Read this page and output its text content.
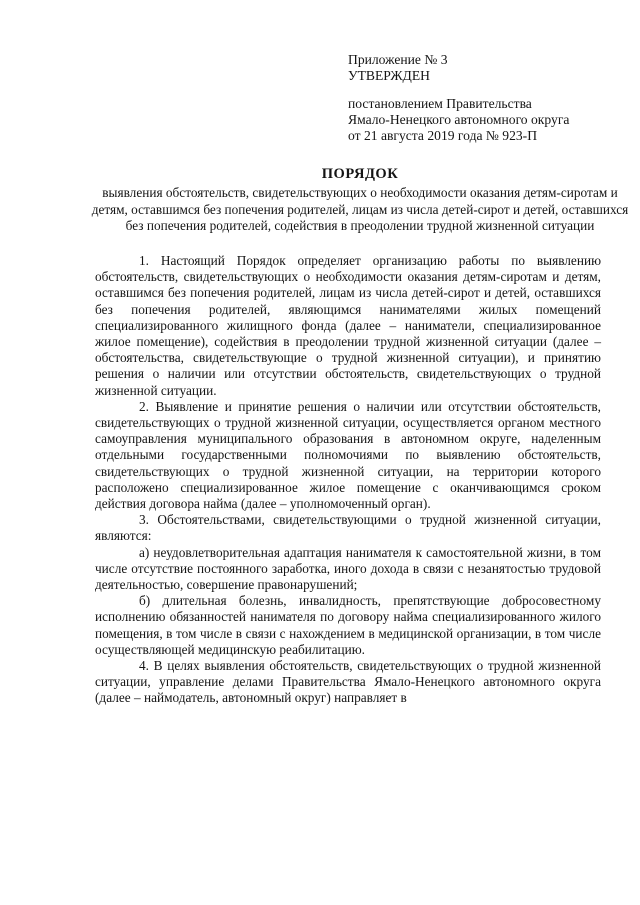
Приложение № 3
УТВЕРЖДЕН
постановлением Правительства
Ямало-Ненецкого автономного округа
от 21 августа 2019 года № 923-П
ПОРЯДОК
выявления обстоятельств, свидетельствующих о необходимости оказания детям-сиротам и детям, оставшимся без попечения родителей, лицам из числа детей-сирот и детей, оставшихся без попечения родителей, содействия в преодолении трудной жизненной ситуации

1. Настоящий Порядок определяет организацию работы по выявлению обстоятельств, свидетельствующих о необходимости оказания детям-сиротам и детям, оставшимся без попечения родителей, лицам из числа детей-сирот и детей, оставшихся без попечения родителей, являющимся нанимателями жилых помещений специализированного жилищного фонда (далее – наниматели, специализированное жилое помещение), содействия в преодолении трудной жизненной ситуации (далее – обстоятельства, свидетельствующие о трудной жизненной ситуации), и принятию решения о наличии или отсутствии обстоятельств, свидетельствующих о трудной жизненной ситуации.

2. Выявление и принятие решения о наличии или отсутствии обстоятельств, свидетельствующих о трудной жизненной ситуации, осуществляется органом местного самоуправления муниципального образования в автономном округе, наделенным отдельными государственными полномочиями по выявлению обстоятельств, свидетельствующих о трудной жизненной ситуации, на территории которого расположено специализированное жилое помещение с оканчивающимся сроком действия договора найма (далее – уполномоченный орган).

3. Обстоятельствами, свидетельствующими о трудной жизненной ситуации, являются:

а) неудовлетворительная адаптация нанимателя к самостоятельной жизни, в том числе отсутствие постоянного заработка, иного дохода в связи с незанятостью трудовой деятельностью, совершение правонарушений;

б) длительная болезнь, инвалидность, препятствующие добросовестному исполнению обязанностей нанимателя по договору найма специализированного жилого помещения, в том числе в связи с нахождением в медицинской организации, в том числе осуществляющей медицинскую реабилитацию.

4. В целях выявления обстоятельств, свидетельствующих о трудной жизненной ситуации, управление делами Правительства Ямало-Ненецкого автономного округа (далее – наймодатель, автономный округ) направляет в
